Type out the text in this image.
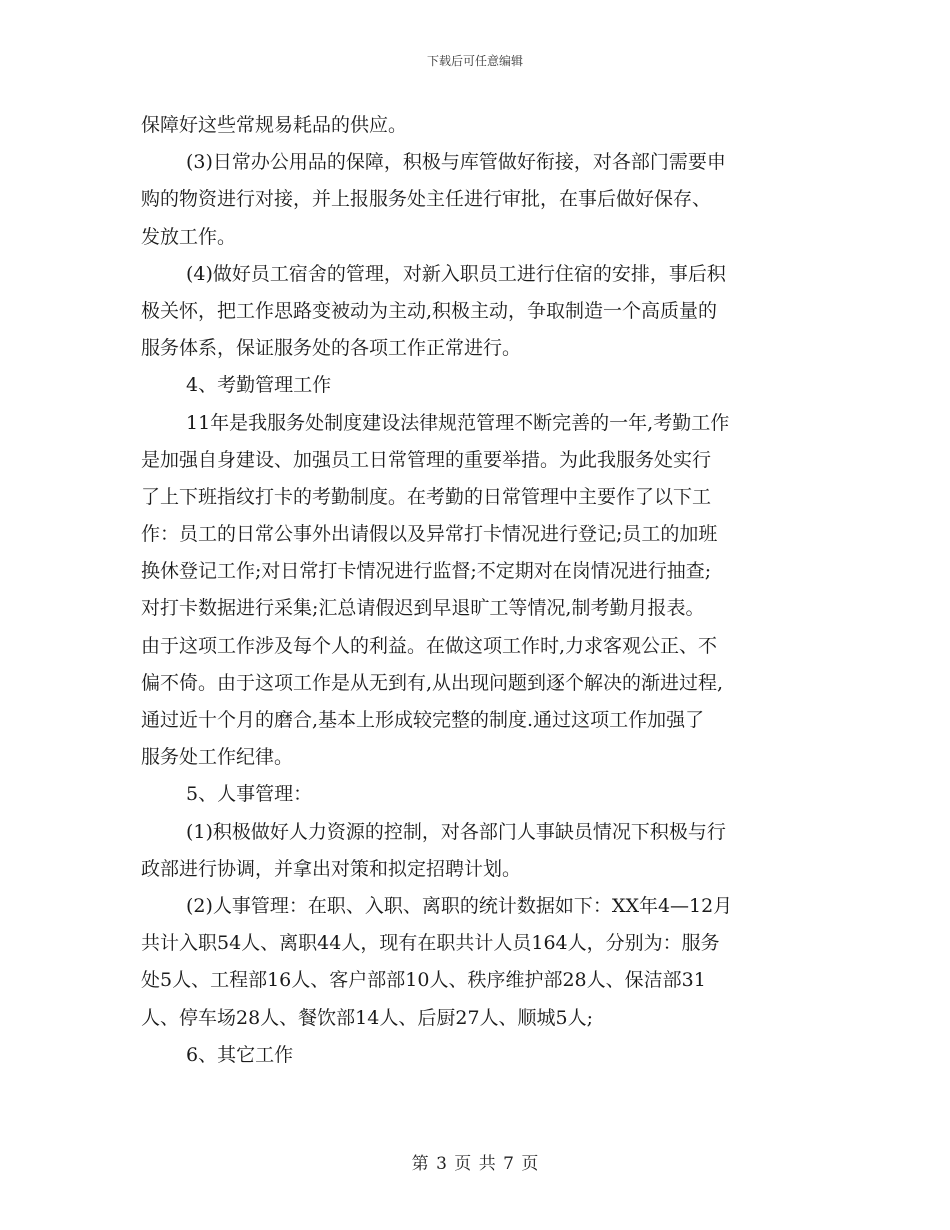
下载后可任意编辑
保障好这些常规易耗品的供应。
(3)日常办公用品的保障，积极与库管做好衔接，对各部门需要申
购的物资进行对接，并上报服务处主任进行审批，在事后做好保存、
发放工作。
(4)做好员工宿舍的管理，对新入职员工进行住宿的安排，事后积
极关怀，把工作思路变被动为主动,积极主动，争取制造一个高质量的
服务体系，保证服务处的各项工作正常进行。
4、考勤管理工作
11年是我服务处制度建设法律规范管理不断完善的一年,考勤工作
是加强自身建设、加强员工日常管理的重要举措。为此我服务处实行
了上下班指纹打卡的考勤制度。在考勤的日常管理中主要作了以下工
作：员工的日常公事外出请假以及异常打卡情况进行登记;员工的加班
换休登记工作;对日常打卡情况进行监督;不定期对在岗情况进行抽查;
对打卡数据进行采集;汇总请假迟到早退旷工等情况,制考勤月报表。
由于这项工作涉及每个人的利益。在做这项工作时,力求客观公正、不
偏不倚。由于这项工作是从无到有,从出现问题到逐个解决的渐进过程,
通过近十个月的磨合,基本上形成较完整的制度.通过这项工作加强了
服务处工作纪律。
5、人事管理：
(1)积极做好人力资源的控制，对各部门人事缺员情况下积极与行
政部进行协调，并拿出对策和拟定招聘计划。
(2)人事管理：在职、入职、离职的统计数据如下：XX年4—12月
共计入职54人、离职44人，现有在职共计人员164人，分别为：服务
处5人、工程部16人、客户部部10人、秩序维护部28人、保洁部31
人、停车场28人、餐饮部14人、后厨27人、顺城5人;
6、其它工作
第 3 页 共 7 页
